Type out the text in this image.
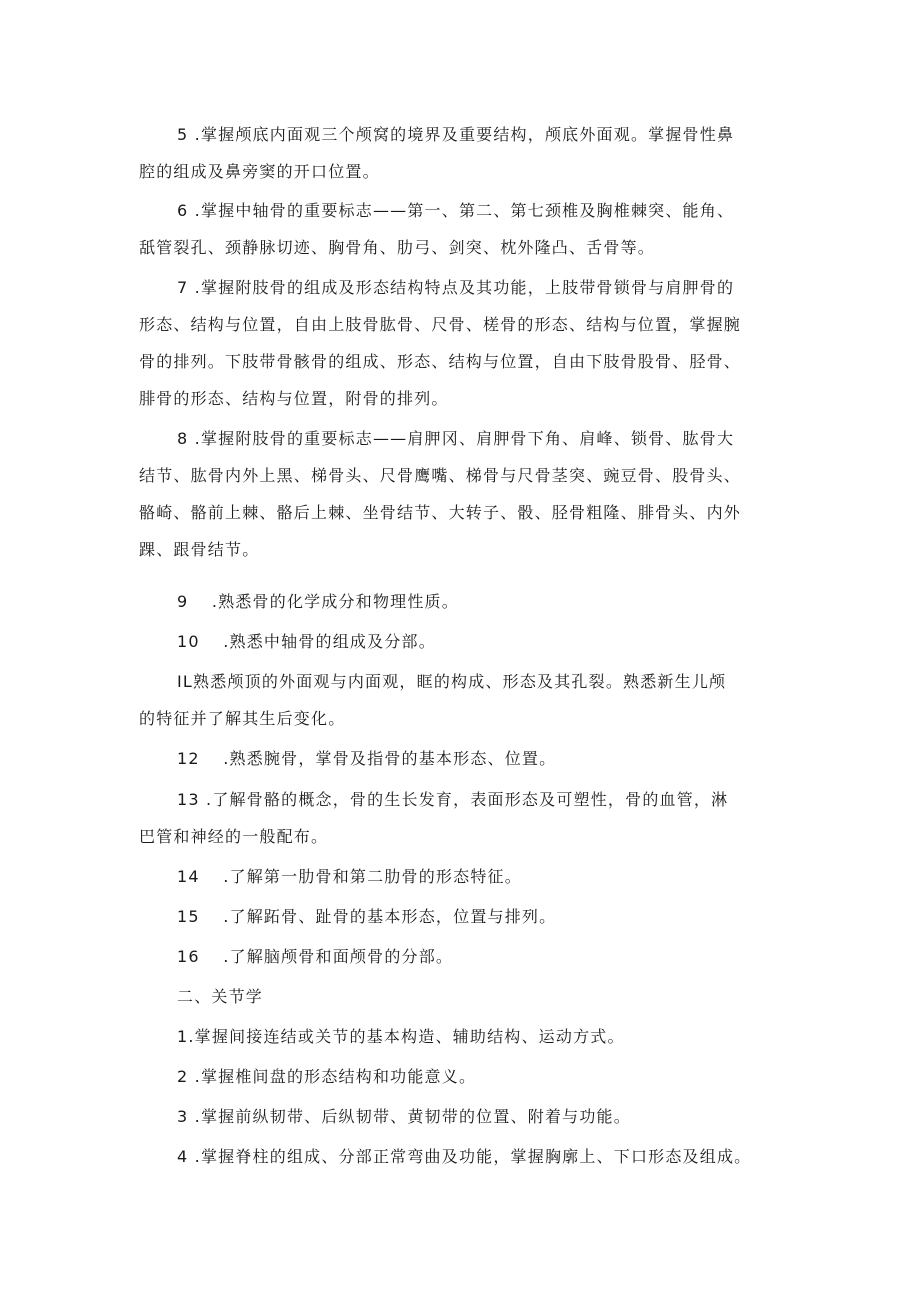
5 .掌握颅底内面观三个颅窝的境界及重要结构，颅底外面观。掌握骨性鼻
腔的组成及鼻旁窦的开口位置。
6 .掌握中轴骨的重要标志——第一、第二、第七颈椎及胸椎棘突、能角、
舐管裂孔、颈静脉切迹、胸骨角、肋弓、剑突、枕外隆凸、舌骨等。
7 .掌握附肢骨的组成及形态结构特点及其功能，上肢带骨锁骨与肩胛骨的
形态、结构与位置，自由上肢骨肱骨、尺骨、槎骨的形态、结构与位置，掌握腕
骨的排列。下肢带骨骸骨的组成、形态、结构与位置，自由下肢骨股骨、胫骨、
腓骨的形态、结构与位置，附骨的排列。
8 .掌握附肢骨的重要标志——肩胛冈、肩胛骨下角、肩峰、锁骨、肱骨大
结节、肱骨内外上黑、梯骨头、尺骨鹰嘴、梯骨与尺骨茎突、豌豆骨、股骨头、
骼崎、骼前上棘、骼后上棘、坐骨结节、大转子、骰、胫骨粗隆、腓骨头、内外
踝、跟骨结节。
9　 .熟悉骨的化学成分和物理性质。
10　 .熟悉中轴骨的组成及分部。
IL熟悉颅顶的外面观与内面观，眶的构成、形态及其孔裂。熟悉新生儿颅
的特征并了解其生后变化。
12　 .熟悉腕骨，掌骨及指骨的基本形态、位置。
13 .了解骨骼的概念，骨的生长发育，表面形态及可塑性，骨的血管，淋
巴管和神经的一般配布。
14　 .了解第一肋骨和第二肋骨的形态特征。
15　 .了解跖骨、趾骨的基本形态，位置与排列。
16　 .了解脑颅骨和面颅骨的分部。
二、关节学
1.掌握间接连结或关节的基本构造、辅助结构、运动方式。
2 .掌握椎间盘的形态结构和功能意义。
3 .掌握前纵韧带、后纵韧带、黄韧带的位置、附着与功能。
4 .掌握脊柱的组成、分部正常弯曲及功能，掌握胸廓上、下口形态及组成。
